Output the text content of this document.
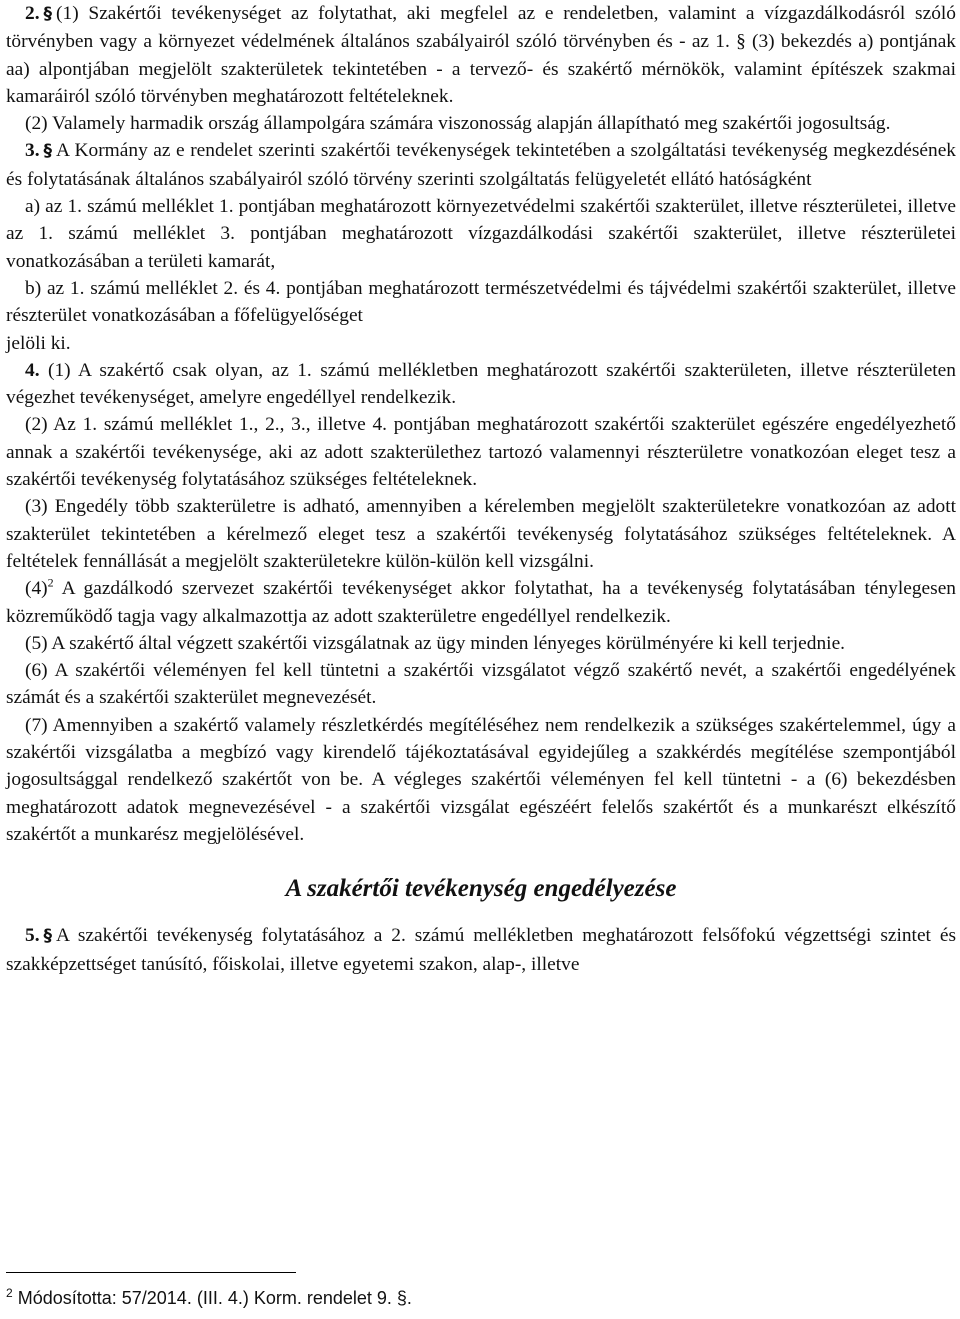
2. § (1) Szakértői tevékenységet az folytathat, aki megfelel az e rendeletben, valamint a vízgazdálkodásról szóló törvényben vagy a környezet védelmének általános szabályairól szóló törvényben és - az 1. § (3) bekezdés a) pontjának aa) alpontjában megjelölt szakterületek tekintetében - a tervező- és szakértő mérnökök, valamint építészek szakmai kamaráiról szóló törvényben meghatározott feltételeknek.

(2) Valamely harmadik ország állampolgára számára viszonosság alapján állapítható meg szakértői jogosultság.

3. § A Kormány az e rendelet szerinti szakértői tevékenységek tekintetében a szolgáltatási tevékenység megkezdésének és folytatásának általános szabályairól szóló törvény szerinti szolgáltatás felügyeletét ellátó hatóságként

a) az 1. számú melléklet 1. pontjában meghatározott környezetvédelmi szakértői szakterület, illetve részterületei, illetve az 1. számú melléklet 3. pontjában meghatározott vízgazdálkodási szakértői szakterület, illetve részterületei vonatkozásában a területi kamarát,

b) az 1. számú melléklet 2. és 4. pontjában meghatározott természetvédelmi és tájvédelmi szakértői szakterület, illetve részterület vonatkozásában a főfelügyelőséget

jelöli ki.

4. (1) A szakértő csak olyan, az 1. számú mellékletben meghatározott szakértői szakterületen, illetve részterületen végezhet tevékenységet, amelyre engedéllyel rendelkezik.

(2) Az 1. számú melléklet 1., 2., 3., illetve 4. pontjában meghatározott szakértői szakterület egészére engedélyezhető annak a szakértői tevékenysége, aki az adott szakterülethez tartozó valamennyi részterületre vonatkozóan eleget tesz a szakértői tevékenység folytatásához szükséges feltételeknek.

(3) Engedély több szakterületre is adható, amennyiben a kérelemben megjelölt szakterületekre vonatkozóan az adott szakterület tekintetében a kérelmező eleget tesz a szakértői tevékenység folytatásához szükséges feltételeknek. A feltételek fennállását a megjelölt szakterületekre külön-külön kell vizsgálni.

$(4)^2$ A gazdálkodó szervezet szakértői tevékenységet akkor folytathat, ha a tevékenység folytatásában ténylegesen közreműködő tagja vagy alkalmazottja az adott szakterületre engedéllyel rendelkezik.

(5) A szakértő által végzett szakértői vizsgálatnak az ügy minden lényeges körülményére ki kell terjednie.

(6) A szakértői véleményen fel kell tüntetni a szakértői vizsgálatot végző szakértő nevét, a szakértői engedélyének számát és a szakértői szakterület megnevezését.

(7) Amennyiben a szakértő valamely részletkérdés megítéléséhez nem rendelkezik a szükséges szakértelemmel, úgy a szakértői vizsgálatba a megbízó vagy kirendelő tájékoztatásával egyidejűleg a szakkérdés megítélése szempontjából jogosultsággal rendelkező szakértőt von be. A végleges szakértői véleményen fel kell tüntetni - a (6) bekezdésben meghatározott adatok megnevezésével - a szakértői vizsgálat egészéért felelős szakértőt és a munkarészt elkészítő szakértőt a munkarész megjelölésével.

A szakértői tevékenység engedélyezése

5. § A szakértői tevékenység folytatásához a 2. számú mellékletben meghatározott felsőfokú végzettségi szintet és szakképzettséget tanúsító, főiskolai, illetve egyetemi szakon, alap-, illetve

$^2$ Módosította: 57/2014. (III. 4.) Korm. rendelet 9. §.
